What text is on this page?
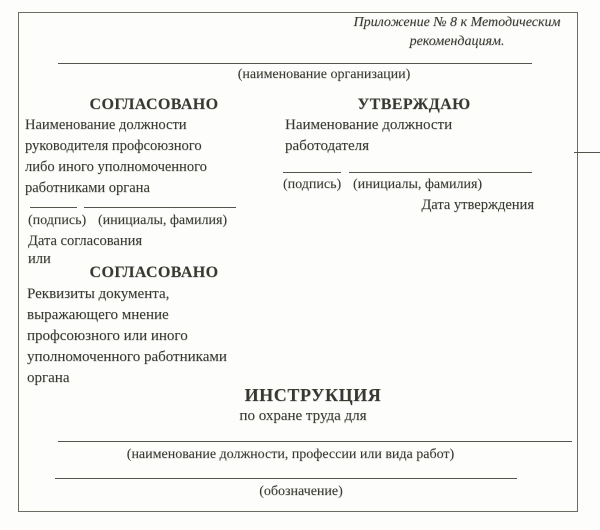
Приложение № 8 к Методическим
рекомендациям.
(наименование организации)
СОГЛАСОВАНО
Наименование должности
руководителя профсоюзного
либо иного уполномоченного
работниками органа
(подпись) (инициалы, фамилия)
Дата согласования
или
СОГЛАСОВАНО
Реквизиты документа,
выражающего мнение
профсоюзного или иного
уполномоченного работниками
органа
УТВЕРЖДАЮ
Наименование должности
работодателя
(подпись) (инициалы, фамилия)
Дата утверждения
ИНСТРУКЦИЯ
по охране труда для
(наименование должности, профессии или вида работ)
(обозначение)
